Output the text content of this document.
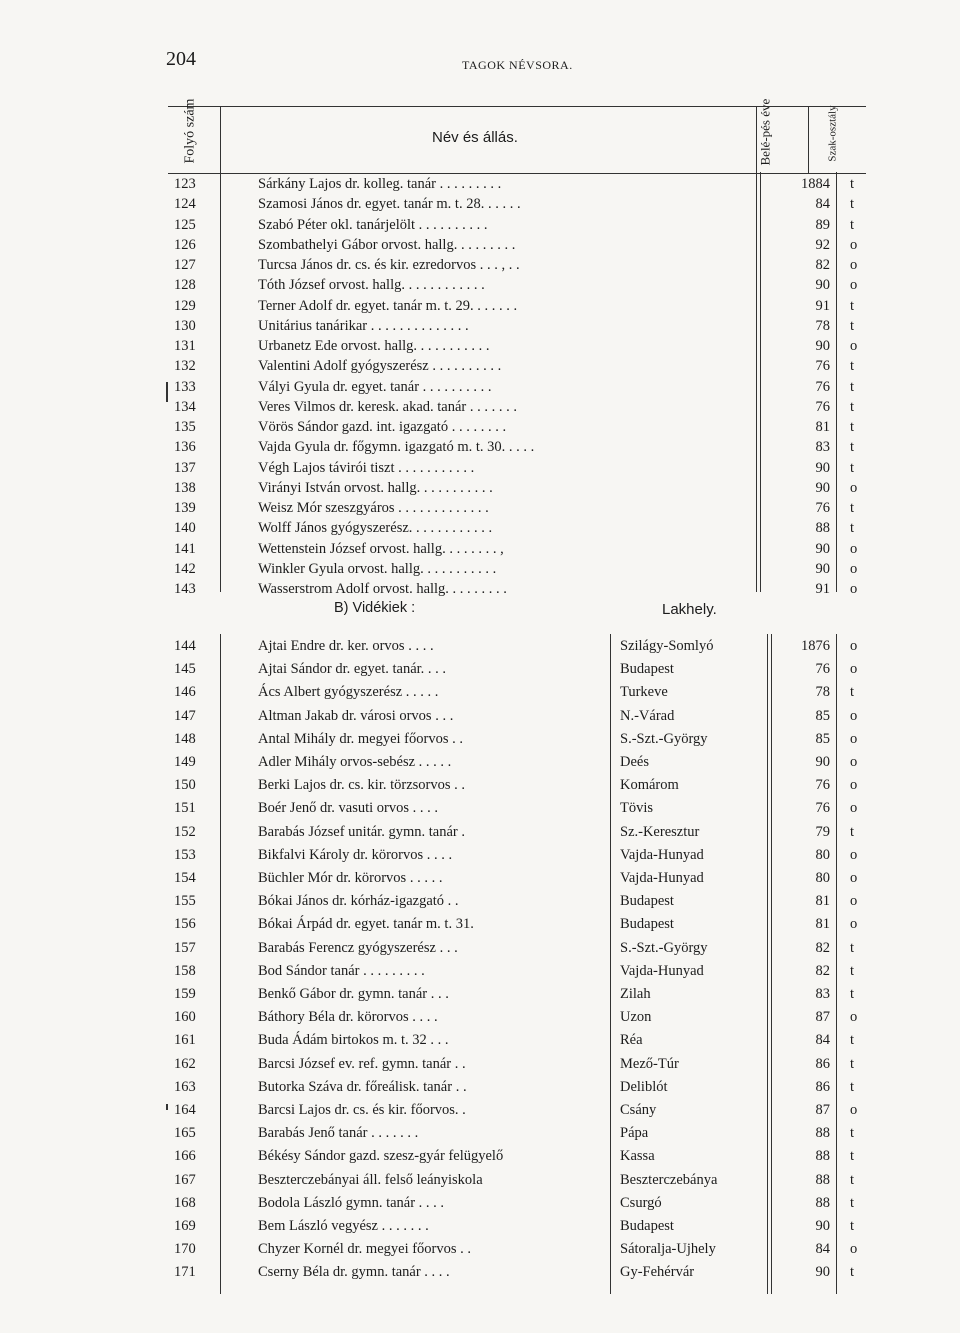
204	TAGOK NÉVSORA.
Folyó szám	Név és állás.	Belé-pés éve	Szak-osztály
123	Sárkány Lajos dr. kolleg. tanár . . . . . . . . .	1884 t
124	Szamosi János dr. egyet. tanár m. t. 28. . . . . .	84 t
125	Szabó Péter okl. tanárjelölt . . . . . . . . . .	89 t
126	Szombathelyi Gábor orvost. hallg. . . . . . . . .	92 o
127	Turcsa János dr. cs. és kir. ezredorvos . . . , . .	82 o
128	Tóth József orvost. hallg. . . . . . . . . . . .	90 o
129	Terner Adolf dr. egyet. tanár m. t. 29. . . . . . .	91 t
130	Unitárius tanárikar . . . . . . . . . . . . . .	78 t
131	Urbanetz Ede orvost. hallg. . . . . . . . . . .	90 o
132	Valentini Adolf gyógyszerész . . . . . . . . . .	76 t
133	Vályi Gyula dr. egyet. tanár . . . . . . . . . .	76 t
134	Veres Vilmos dr. keresk. akad. tanár . . . . . . .	76 t
135	Vörös Sándor gazd. int. igazgató . . . . . . . .	81 t
136	Vajda Gyula dr. főgymn. igazgató m. t. 30. . . . .	83 t
137	Végh Lajos távirói tiszt . . . . . . . . . . .	90 t
138	Virányi István orvost. hallg. . . . . . . . . . .	90 o
139	Weisz Mór szeszgyáros . . . . . . . . . . . . .	76 t
140	Wolff János gyógyszerész. . . . . . . . . . . .	88 t
141	Wettenstein József orvost. hallg. . . . . . . . ,	90 o
142	Winkler Gyula orvost. hallg. . . . . . . . . . .	90 o
143	Wasserstrom Adolf orvost. hallg. . . . . . . . .	91 o
B) Vidékiek :	Lakhely.
144	Ajtai Endre dr. ker. orvos . . . .	Szilágy-Somlyó	1876 o
145	Ajtai Sándor dr. egyet. tanár. . . .	Budapest	76 o
146	Ács Albert gyógyszerész . . . . .	Turkeve	78 t
147	Altman Jakab dr. városi orvos . . .	N.-Várad	85 o
148	Antal Mihály dr. megyei főorvos . .	S.-Szt.-György	85 o
149	Adler Mihály orvos-sebész . . . . .	Deés	90 o
150	Berki Lajos dr. cs. kir. törzsorvos . .	Komárom	76 o
151	Boér Jenő dr. vasuti orvos . . . .	Tövis	76 o
152	Barabás József unitár. gymn. tanár .	Sz.-Keresztur	79 t
153	Bikfalvi Károly dr. körorvos . . . .	Vajda-Hunyad	80 o
154	Büchler Mór dr. körorvos . . . . .	Vajda-Hunyad	80 o
155	Bókai János dr. kórház-igazgató . .	Budapest	81 o
156	Bókai Árpád dr. egyet. tanár m. t. 31.	Budapest	81 o
157	Barabás Ferencz gyógyszerész . . .	S.-Szt.-György	82 t
158	Bod Sándor tanár . . . . . . . . .	Vajda-Hunyad	82 t
159	Benkő Gábor dr. gymn. tanár . . .	Zilah	83 t
160	Báthory Béla dr. körorvos . . . .	Uzon	87 o
161	Buda Ádám birtokos m. t. 32 . . .	Réa	84 t
162	Barcsi József ev. ref. gymn. tanár . .	Mező-Túr	86 t
163	Butorka Száva dr. főreálisk. tanár . .	Deliblót	86 t
164	Barcsi Lajos dr. cs. és kir. főorvos. .	Csány	87 o
165	Barabás Jenő tanár . . . . . . .	Pápa	88 t
166	Békésy Sándor gazd. szesz-gyár felügyelő	Kassa	88 t
167	Beszterczebányai áll. felső leányiskola	Beszterczebánya	88 t
168	Bodola László gymn. tanár . . . .	Csurgó	88 t
169	Bem László vegyész . . . . . . .	Budapest	90 t
170	Chyzer Kornél dr. megyei főorvos . .	Sátoralja-Ujhely	84 o
171	Cserny Béla dr. gymn. tanár . . . .	Gy-Fehérvár	90 t
